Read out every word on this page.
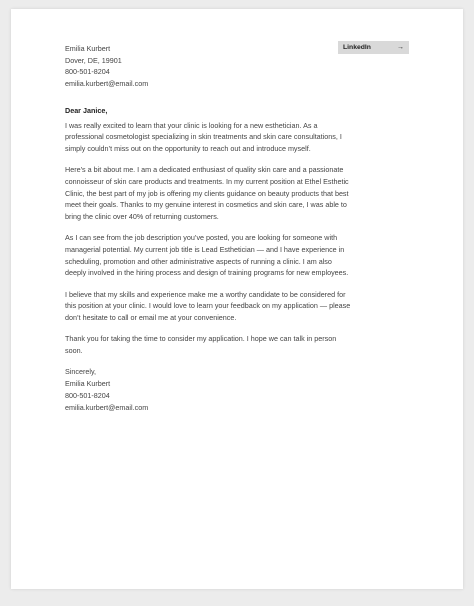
LinkedIn	→
Emilia Kurbert
Dover, DE, 19901
800-501-8204
emilia.kurbert@email.com
Dear Janice,

I was really excited to learn that your clinic is looking for a new esthetician. As a professional cosmetologist specializing in skin treatments and skin care consultations, I simply couldn’t miss out on the opportunity to reach out and introduce myself.

Here’s a bit about me. I am a dedicated enthusiast of quality skin care and a passionate connoisseur of skin care products and treatments. In my current position at Ethel Esthetic Clinic, the best part of my job is offering my clients guidance on beauty products that best meet their goals. Thanks to my genuine interest in cosmetics and skin care, I was able to bring the clinic over 40% of returning customers.

As I can see from the job description you’ve posted, you are looking for someone with managerial potential. My current job title is Lead Esthetician — and I have experience in scheduling, promotion and other administrative aspects of running a clinic. I am also deeply involved in the hiring process and design of training programs for new employees.

I believe that my skills and experience make me a worthy candidate to be considered for this position at your clinic. I would love to learn your feedback on my application — please don’t hesitate to call or email me at your convenience.

Thank you for taking the time to consider my application. I hope we can talk in person soon.

Sincerely,
Emilia Kurbert
800-501-8204
emilia.kurbert@email.com
